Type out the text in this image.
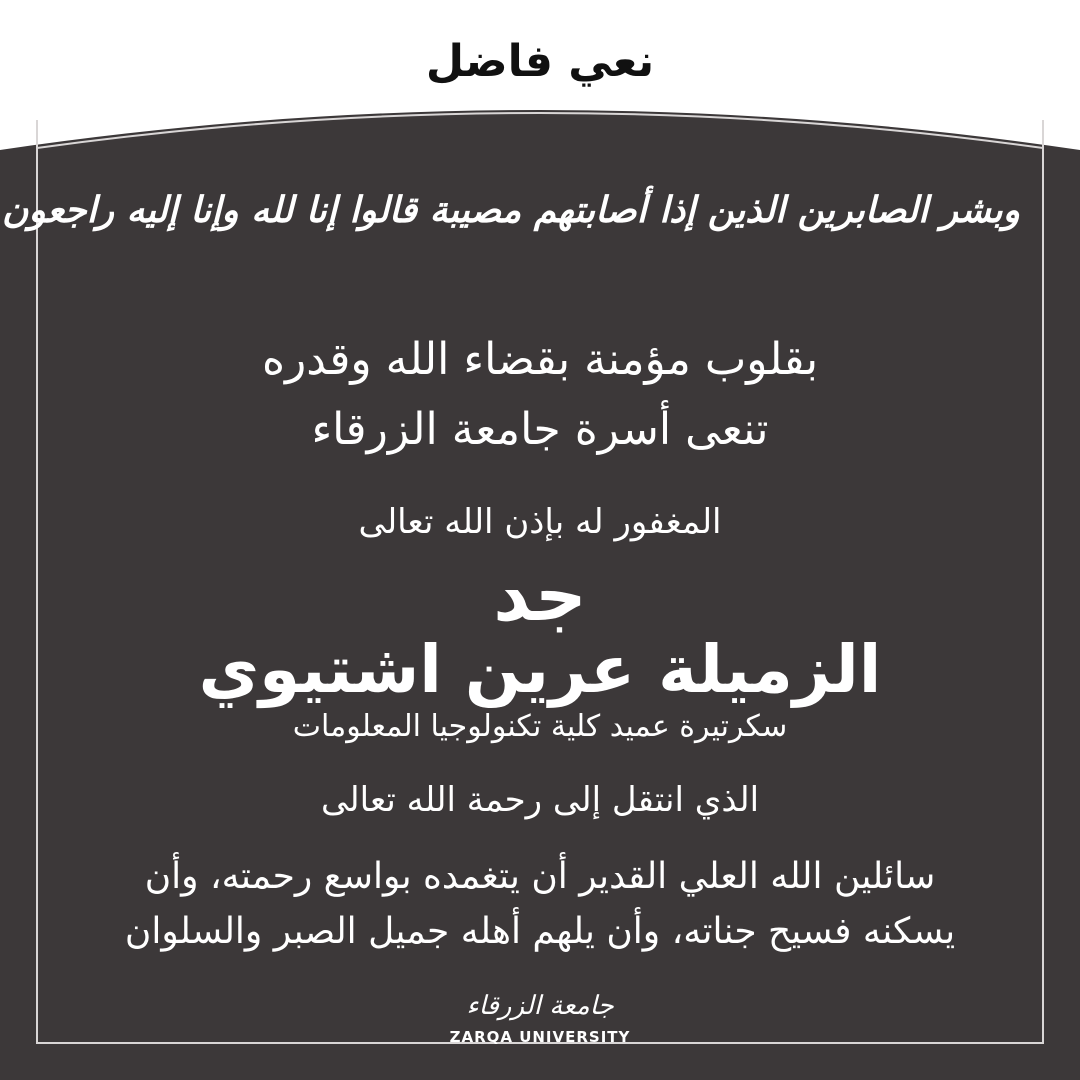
نعي فاضل
وبشر الصابرين الذين إذا أصابتهم مصيبة قالوا إنا لله وإنا إليه راجعون
بقلوب مؤمنة بقضاء الله وقدره
تنعى أسرة جامعة الزرقاء
المغفور له بإذن الله تعالى
جد
الزميلة عرين اشتيوي
سكرتيرة عميد كلية تكنولوجيا المعلومات
الذي انتقل إلى رحمة الله تعالى
سائلين الله العلي القدير أن يتغمده بواسع رحمته، وأن
يسكنه فسيح جناته، وأن يلهم أهله جميل الصبر والسلوان
جامعة الزرقاء
ZARQA UNIVERSITY
